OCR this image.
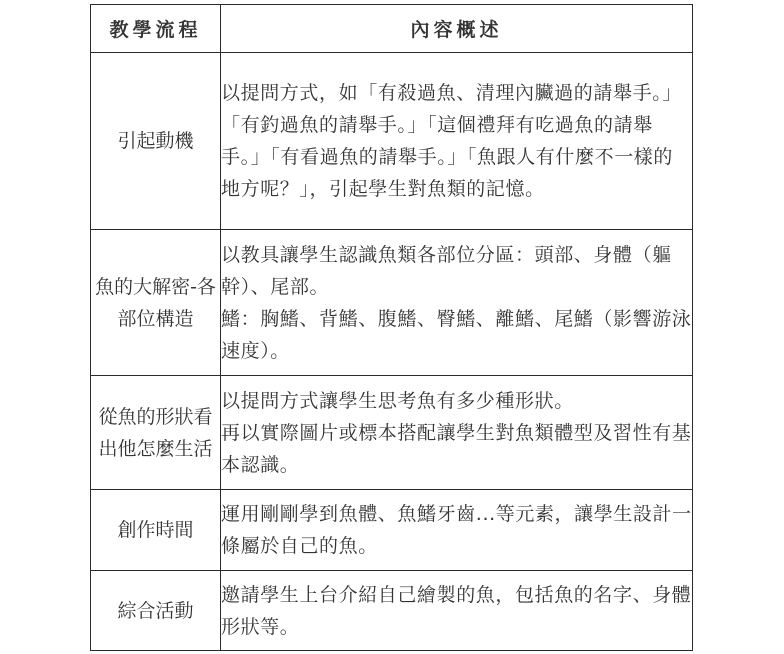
教學流程	內容概述
引起動機	以提問方式，如「有殺過魚、清理內臟過的請舉手。」「有釣過魚的請舉手。」「這個禮拜有吃過魚的請舉手。」「有看過魚的請舉手。」「魚跟人有什麼不一樣的地方呢？」，引起學生對魚類的記憶。

魚的大解密-各部位構造	以教具讓學生認識魚類各部位分區：頭部、身體（軀幹）、尾部。

鰭：胸鰭、背鰭、腹鰭、臀鰭、離鰭、尾鰭（影響游泳速度）。

從魚的形狀看出他怎麼生活	以提問方式讓學生思考魚有多少種形狀。

再以實際圖片或標本搭配讓學生對魚類體型及習性有基本認識。

創作時間	運用剛剛學到魚體、魚鰭牙齒...等元素，讓學生設計一條屬於自己的魚。

綜合活動	邀請學生上台介紹自己繪製的魚，包括魚的名字、身體形狀等。
